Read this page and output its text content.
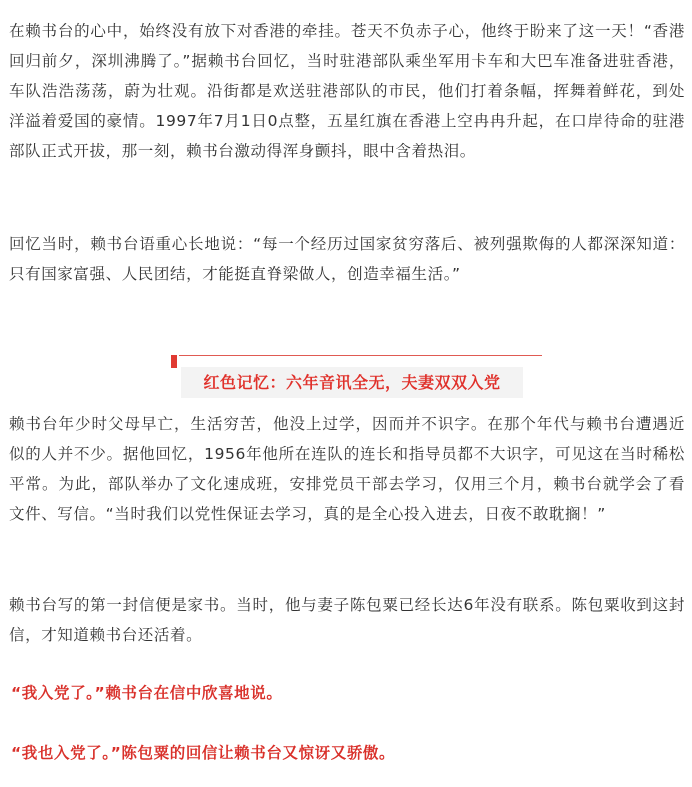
在赖书台的心中，始终没有放下对香港的牵挂。苍天不负赤子心，他终于盼来了这一天！“香港回归前夕，深圳沸腾了。”据赖书台回忆，当时驻港部队乘坐军用卡车和大巴车准备进驻香港，车队浩浩荡荡，蔚为壮观。沿街都是欢送驻港部队的市民，他们打着条幅，挥舞着鲜花，到处洋溢着爱国的豪情。1997年7月1日0点整，五星红旗在香港上空冉冉升起，在口岸待命的驻港部队正式开拔，那一刻，赖书台激动得浑身颤抖，眼中含着热泪。

回忆当时，赖书台语重心长地说：“每一个经历过国家贫穷落后、被列强欺侮的人都深深知道：只有国家富强、人民团结，才能挺直脊梁做人，创造幸福生活。”

红色记忆：六年音讯全无，夫妻双双入党

赖书台年少时父母早亡，生活穷苦，他没上过学，因而并不识字。在那个年代与赖书台遭遇近似的人并不少。据他回忆，1956年他所在连队的连长和指导员都不大识字，可见这在当时稀松平常。为此，部队举办了文化速成班，安排党员干部去学习，仅用三个月，赖书台就学会了看文件、写信。“当时我们以党性保证去学习，真的是全心投入进去，日夜不敢耽搁！”

赖书台写的第一封信便是家书。当时，他与妻子陈包粟已经长达6年没有联系。陈包粟收到这封信，才知道赖书台还活着。

“我入党了。”赖书台在信中欣喜地说。

“我也入党了。”陈包粟的回信让赖书台又惊讶又骄傲。
